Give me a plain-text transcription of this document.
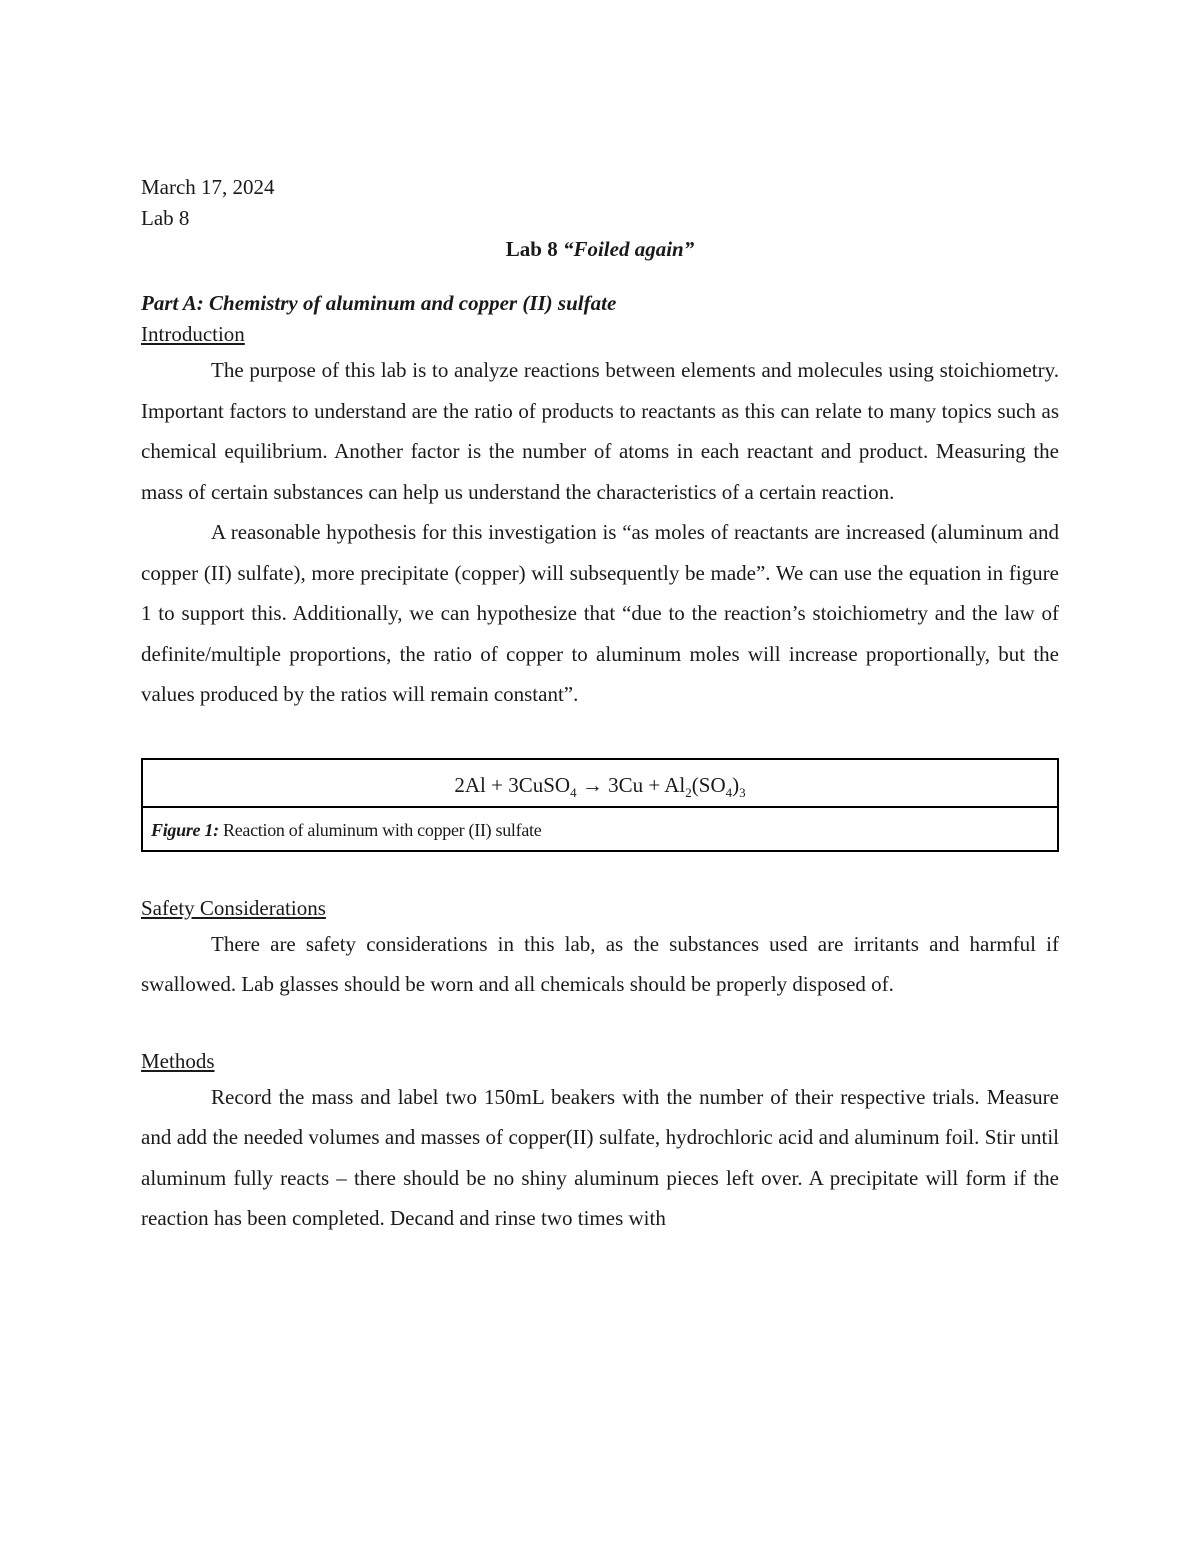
March 17, 2024

Lab 8

Lab 8 “Foiled again”

Part A: Chemistry of aluminum and copper (II) sulfate

Introduction

The purpose of this lab is to analyze reactions between elements and molecules using stoichiometry. Important factors to understand are the ratio of products to reactants as this can relate to many topics such as chemical equilibrium. Another factor is the number of atoms in each reactant and product. Measuring the mass of certain substances can help us understand the characteristics of a certain reaction.

A reasonable hypothesis for this investigation is “as moles of reactants are increased (aluminum and copper (II) sulfate), more precipitate (copper) will subsequently be made”. We can use the equation in figure 1 to support this. Additionally, we can hypothesize that “due to the reaction’s stoichiometry and the law of definite/multiple proportions, the ratio of copper to aluminum moles will increase proportionally, but the values produced by the ratios will remain constant”.

2Al + 3CuSO$_4$ → $3Cu + Al_2(SO_4)_3$
Figure 1: Reaction of aluminum with copper (II) sulfate

Safety Considerations

There are safety considerations in this lab, as the substances used are irritants and harmful if swallowed. Lab glasses should be worn and all chemicals should be properly disposed of.

Methods

Record the mass and label two 150mL beakers with the number of their respective trials. Measure and add the needed volumes and masses of copper(II) sulfate, hydrochloric acid and aluminum foil. Stir until aluminum fully reacts – there should be no shiny aluminum pieces left over. A precipitate will form if the reaction has been completed. Decand and rinse two times with
